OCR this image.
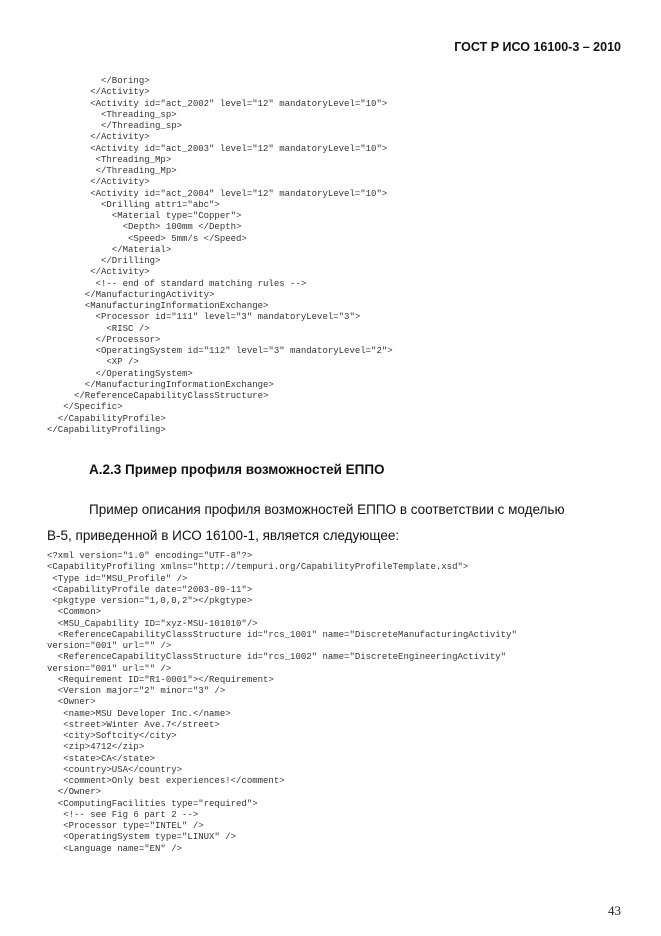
ГОСТ Р ИСО 16100-3 – 2010
</Boring>
</Activity>
<Activity id="act_2002" level="12" mandatoryLevel="10">
<Threading_sp>
</Threading_sp>
</Activity>
<Activity id="act_2003" level="12" mandatoryLevel="10">
<Threading_Mp>
</Threading_Mp>
</Activity>
<Activity id="act_2004" level="12" mandatoryLevel="10">
<Drilling attr1="abc">
<Material type="Copper">
<Depth> 100mm </Depth>
<Speed> 5mm/s </Speed>
</Material>
</Drilling>
</Activity>
<!-- end of standard matching rules -->
</ManufacturingActivity>
<ManufacturingInformationExchange>
<Processor id="111" level="3" mandatoryLevel="3">
<RISC />
</Processor>
<OperatingSystem id="112" level="3" mandatoryLevel="2">
<XP />
</OperatingSystem>
</ManufacturingInformationExchange>
</ReferenceCapabilityClassStructure>
</Specific>
</CapabilityProfile>
</CapabilityProfiling>
А.2.3 Пример профиля возможностей ЕППО
Пример описания профиля возможностей ЕППО в соответствии с моделью
В-5, приведенной в ИСО 16100-1, является следующее:
<?xml version="1.0" encoding="UTF-8"?>
<CapabilityProfiling xmlns="http://tempuri.org/CapabilityProfileTemplate.xsd">
<Type id="MSU_Profile" />
<CapabilityProfile date="2003-09-11">
<pkgtype version="1,0,0,2"></pkgtype>
<Common>
<MSU_Capability ID="xyz-MSU-101010"/>
<ReferenceCapabilityClassStructure id="rcs_1001" name="DiscreteManufacturingActivity"
version="001" url="" />
<ReferenceCapabilityClassStructure id="rcs_1002" name="DiscreteEngineeringActivity"
version="001" url="" />
<Requirement ID="R1-0001"></Requirement>
<Version major="2" minor="3" />
<Owner>
<name>MSU Developer Inc.</name>
<street>Winter Ave.7</street>
<city>Softcity</city>
<zip>4712</zip>
<state>CA</state>
<country>USA</country>
<comment>Only best experiences!</comment>
</Owner>
<ComputingFacilities type="required">
<!-- see Fig 6 part 2 -->
<Processor type="INTEL" />
<OperatingSystem type="LINUX" />
<Language name="EN" />
43
